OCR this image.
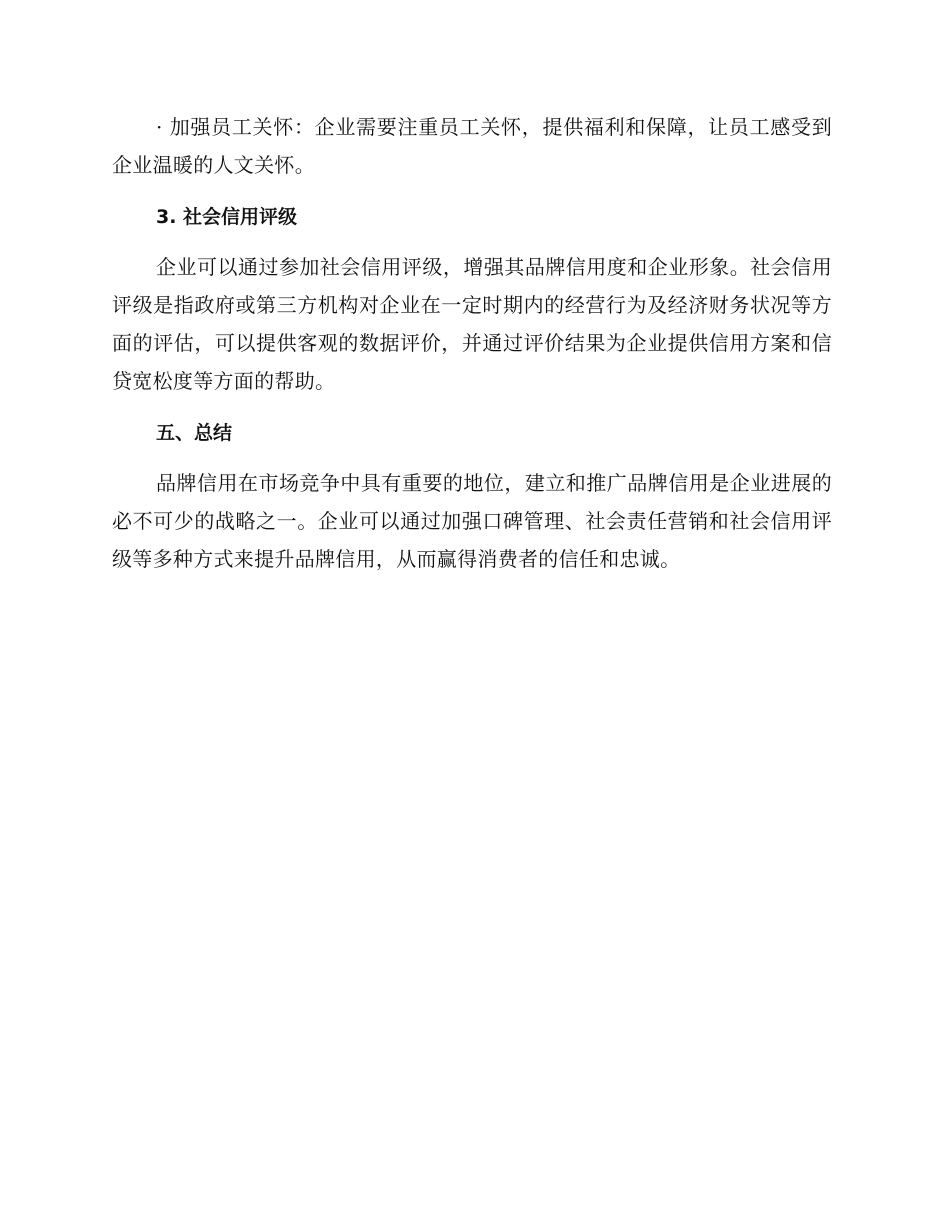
· 加强员工关怀：企业需要注重员工关怀，提供福利和保障，让员工感受到企业温暖的人文关怀。

3. 社会信用评级

企业可以通过参加社会信用评级，增强其品牌信用度和企业形象。社会信用评级是指政府或第三方机构对企业在一定时期内的经营行为及经济财务状况等方面的评估，可以提供客观的数据评价，并通过评价结果为企业提供信用方案和信贷宽松度等方面的帮助。

五、总结

品牌信用在市场竞争中具有重要的地位，建立和推广品牌信用是企业进展的必不可少的战略之一。企业可以通过加强口碑管理、社会责任营销和社会信用评级等多种方式来提升品牌信用，从而赢得消费者的信任和忠诚。
